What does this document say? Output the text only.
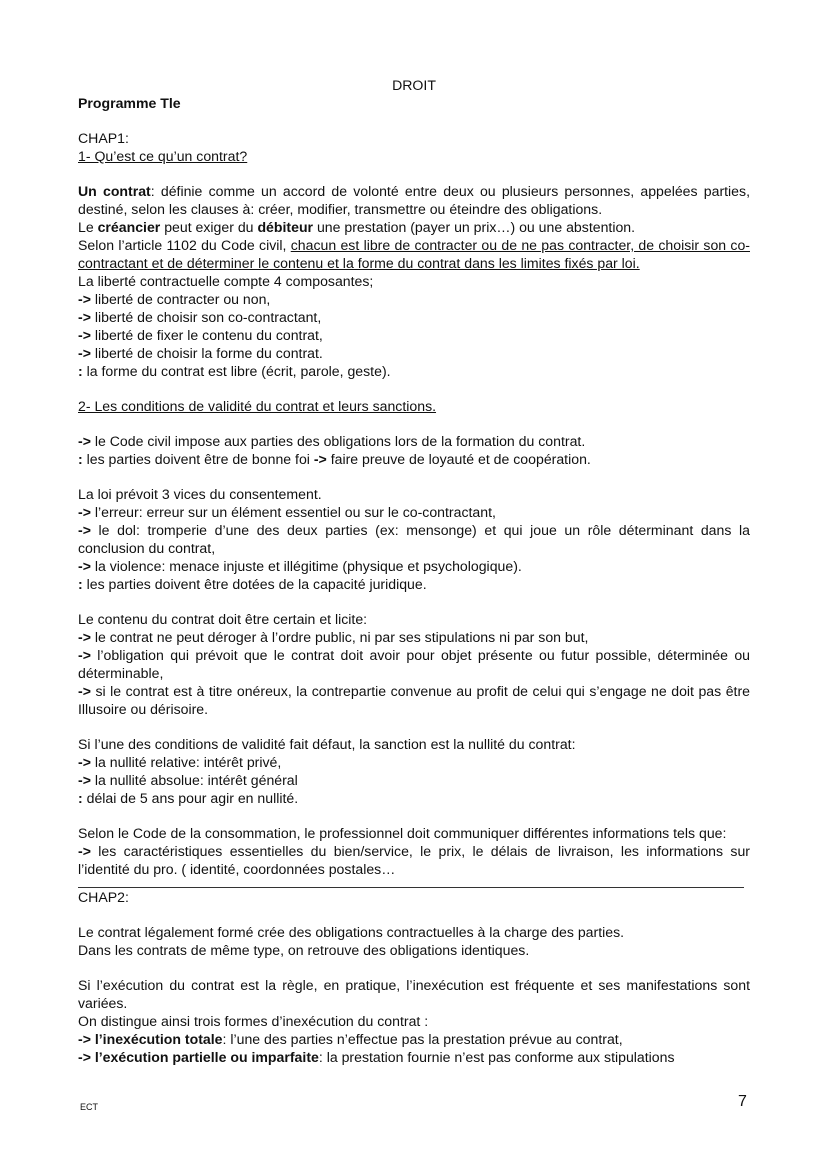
DROIT

Programme Tle

CHAP1:

1- Qu’est ce qu’un contrat?

Un contrat: définie comme un accord de volonté entre deux ou plusieurs personnes, appelées parties, destiné, selon les clauses à: créer, modifier, transmettre ou éteindre des obligations.

Le créancier peut exiger du débiteur une prestation (payer un prix…) ou une abstention.

Selon l’article 1102 du Code civil, chacun est libre de contracter ou de ne pas contracter, de choisir son co-contractant et de déterminer le contenu et la forme du contrat dans les limites fixés par loi.

La liberté contractuelle compte 4 composantes;

-> liberté de contracter ou non,

-> liberté de choisir son co-contractant,

-> liberté de fixer le contenu du contrat,

-> liberté de choisir la forme du contrat.

: la forme du contrat est libre (écrit, parole, geste).

2- Les conditions de validité du contrat et leurs sanctions.

-> le Code civil impose aux parties des obligations lors de la formation du contrat.

: les parties doivent être de bonne foi -> faire preuve de loyauté et de coopération.

La loi prévoit 3 vices du consentement.

-> l’erreur: erreur sur un élément essentiel ou sur le co-contractant,

-> le dol: tromperie d’une des deux parties (ex: mensonge) et qui joue un rôle déterminant dans la conclusion du contrat,

-> la violence: menace injuste et illégitime (physique et psychologique).

: les parties doivent être dotées de la capacité juridique.

Le contenu du contrat doit être certain et licite:

-> le contrat ne peut déroger à l’ordre public, ni par ses stipulations ni par son but,

-> l’obligation qui prévoit que le contrat doit avoir pour objet présente ou futur possible, déterminée ou déterminable,

-> si le contrat est à titre onéreux, la contrepartie convenue au profit de celui qui s’engage ne doit pas être Illusoire ou dérisoire.

Si l’une des conditions de validité fait défaut, la sanction est la nullité du contrat:

-> la nullité relative: intérêt privé,

-> la nullité absolue: intérêt général

: délai de 5 ans pour agir en nullité.

Selon le Code de la consommation, le professionnel doit communiquer différentes informations tels que:

-> les caractéristiques essentielles du bien/service, le prix, le délais de livraison, les informations sur l’identité du pro. ( identité, coordonnées postales…

CHAP2:

Le contrat légalement formé crée des obligations contractuelles à la charge des parties.

Dans les contrats de même type, on retrouve des obligations identiques.

Si l’exécution du contrat est la règle, en pratique, l’inexécution est fréquente et ses manifestations sont variées.

On distingue ainsi trois formes d’inexécution du contrat :

-> l’inexécution totale: l’une des parties n’effectue pas la prestation prévue au contrat,

-> l’exécution partielle ou imparfaite: la prestation fournie n’est pas conforme aux stipulations

ECT	7
